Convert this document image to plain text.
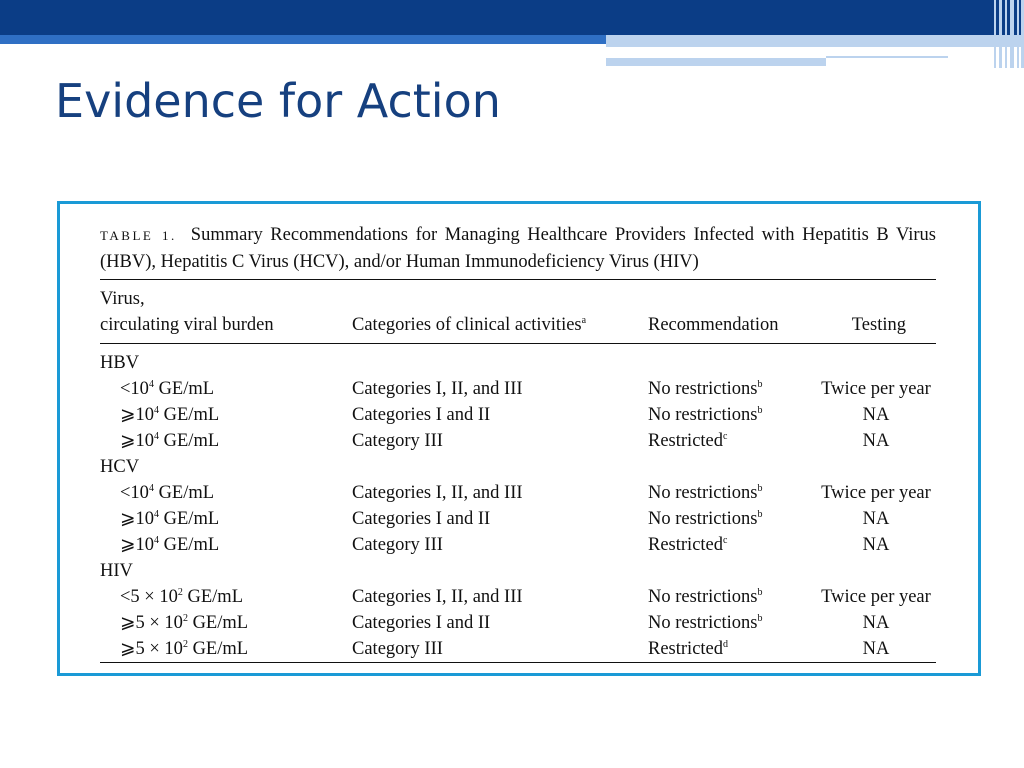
Evidence for Action

TABLE 1. Summary Recommendations for Managing Healthcare Providers Infected with Hepatitis B Virus (HBV), Hepatitis C Virus (HCV), and/or Human Immunodeficiency Virus (HIV)

Virus,
circulating viral burden	Categories of clinical activities$^a$	Recommendation	Testing
HBV			
$<10^4$ GE/mL	Categories I, II, and III	No restrictions$^b$	Twice per year
$⩾10^4$ GE/mL	Categories I and II	No restrictions$^b$	NA
$⩾10^4$ GE/mL	Category III	Restricted$^c$	NA
HCV			
$<10^4$ GE/mL	Categories I, II, and III	No restrictions$^b$	Twice per year
$⩾10^4$ GE/mL	Categories I and II	No restrictions$^b$	NA
$⩾10^4$ GE/mL	Category III	Restricted$^c$	NA
HIV			
$<5 \times 10^2$ GE/mL	Categories I, II, and III	No restrictions$^b$	Twice per year
⩾5 × $10^2$ GE/mL	Categories I and II	No restrictions$^b$	NA
⩾5 × $10^2$ GE/mL	Category III	Restricted$^d$	NA
